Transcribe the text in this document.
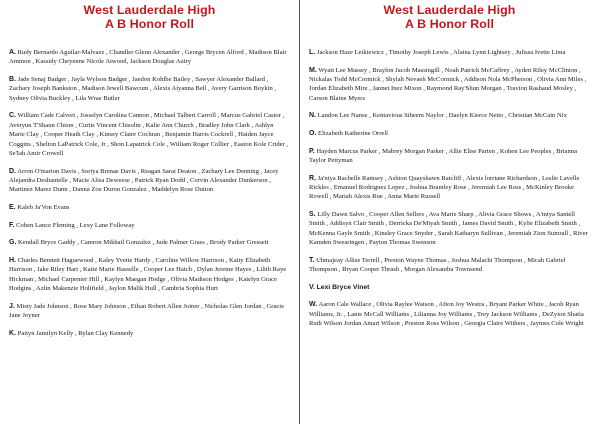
West Lauderdale High
A B Honor Roll
A. Rudy Bernardo Aguilar-Malvaez , Chandler Glenn Alexander , George Brycen Alford , Madison Blair Ammon , Kassidy Cheyenne Nicole Atwood, Jackson Douglas Autry
B. Jade Senaj Badger , Jayla Wylson Badger , Jaedon Kohlbe Bailey , Sawyer Alexander Ballard , Zachary Joseph Bankston , Madison Jewell Bawcum , Alexis Aiyanna Bell , Avery Garrison Boykin , Sydney Olivia Buckley , Lila Wrae Butler
C. William Cade Calvert , Josselyn Carolina Cannon , Michael Talbert Carroll , Marcus Gabriel Castor , Averyun T'Shaun Chism , Curtis Vincent Chisolm , Kalie Ann Church , Bradley John Clark , Ashlyn Marie Clay , Cooper Heath Clay , Kinsey Claire Cochran , Benjamin Harris Cockrell , Haiden Jayce Coggins , Shelton LaPatrick Cole, Jr , Shon Lapatrick Cole , William Roger Collier , Easton Kole Crider , Se'Iah Amir Crowell
D. Arron O'marion Davis , Soriya Brenae Davis , Reagan Sarai Deaton , Zachary Lee Denning , Jacey Alejandra Deshautelle , Macie Alisa Deweese , Patrick Ryan Dodd , Corvin Alexander Dunkerson , Martinez Marez Dunn , Danna Zoe Duron Gonzalez , Maddelyn Rose Dutton
E. Kaleb Ja'Von Evans
F. Cohen Lance Fleming , Lexy Lane Followay
G. Kendall Bryce Gaddy , Camron Mikhail Gonzalez , Jude Palmer Grass , Brody Parker Gressett
H. Charles Bennett Haguewood , Kaley Yvette Hardy , Caroline Willow Harrison , Kaity Elizabeth Harrison , Jake Riley Hart , Katie Marie Hasselle , Cooper Lee Hatch , Dylan Jereme Hayes , Lilith Raye Hickman , Michael Carpenter Hill , Kaylyn Maegan Hodge , Olivia Madison Hodges , Katelyn Grace Hodgins , Azlin Makenzie Holifield , Jaylon Malik Hull , Cambria Sophia Hurt
J. Misty Jade Johnson , Rose Mary Johnson , Ethan Robert Allen Joiner , Nicholas Glen Jordan , Gracie Jane Joyner
K. Paityn Jamilyn Kelly , Rylan Clay Kennedy
West Lauderdale High
A B Honor Roll
L. Jackson Haze Letkiewicz , Timothy Joseph Lewis , Alaina Lynn Lightsey , Julissa Ivette Lima
M. Wyatt Lee Massey , Braylon Jacob Massingill , Noah Patrick McCaffrey , Ayden Riley McClinton , Nickalas Todd McCormick , Shylah Nevaeh McCormick , Addison Nola McPherson , Olivia Ann Miles , Jordan Elizabeth Mire , Jannet Inez Mixon , Raymond Ray'Shun Morgan , Travion Rashaud Mosley , Carson Blaine Myers
N. Landon Lee Nanse , Kentavious Siheem Naylor , Daelyn Kierce Netto , Christian McCain Nix
O. Elizabeth Katherine Orrell
P. Hayden Marcus Parker , Mabrey Morgan Parker , Allie Elise Parten , Kohen Lee Peoples , Brianna Taylor Pettyman
R. Ja'niya Rachelle Ramsey , Ashton Quayshawn Ratcliff , Alexis lorriane Richardson , Leslie Lavelle Rickles , Emanuel Rodriguez Lopez , Joshua Brantley Rose , Jeremiah Lee Ross , McKinley Brooke Rowell , Mariah Alexis Rue , Anna Marie Russell
S. Lilly Dawn Salvo , Cooper Allen Sellers , Ava Marie Sharp , Alivia Grace Shows , A'miya Santell Smith , Addisyn Clair Smith , Derricka De'Miyah Smith , James David Smith , Kylie Elizabeth Smith , McKenna Gayle Smith , Kinsley Grace Snyder , Sarah Katharyn Sullivan , Jeremiah Zion Sumrall , River Kamden Swearingen , Payton Thomas Swenson
T. Uhmajeay Allise Terrell , Preston Wayne Thomas , Joshua Malachi Thompson , Micah Gabriel Thompson , Bryan Cooper Thrash , Morgan Alexandra Townsend
V. Lexi Bryce Vinet
W. Aaron Cale Wallace , Olivia Raylee Watson , Afton Joy Westra , Bryant Parker White , Jacob Ryan Williams, Jr. , Lanie McCall Williams , Lilianna Joy Williams , Trey Jackson Williams , DeZyion Shatia Ruth Wilson Jordan Amari Wilson , Preston Ross Wilson , Georgia Claire Withers , Jaymes Cole Wright
